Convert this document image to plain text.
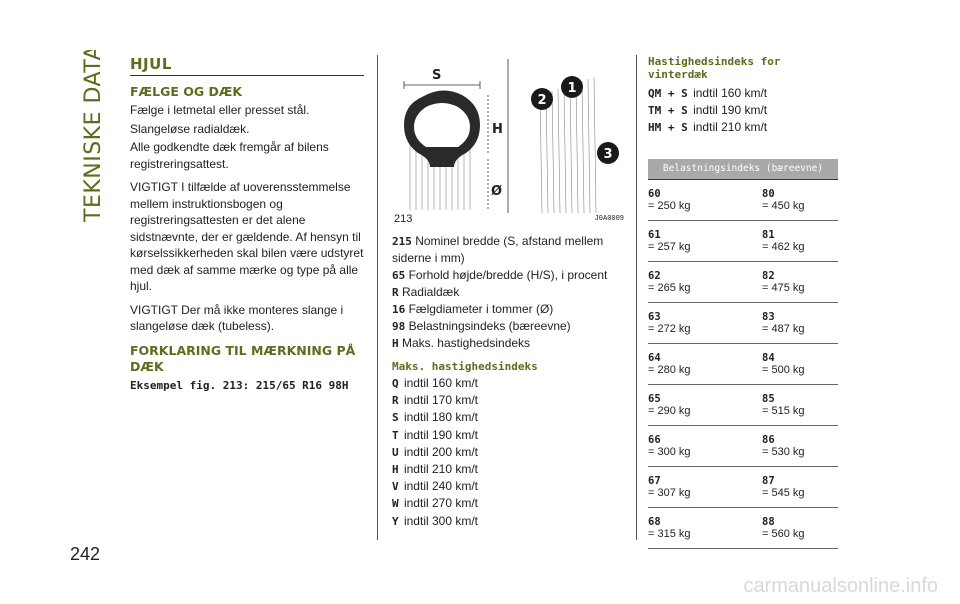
TEKNISKE DATA HJUL
FÆLGE OG DÆK

Fælge i letmetal eller presset stål.

Slangeløse radialdæk.

Alle godkendte dæk fremgår af bilens registreringsattest.

VIGTIGT I tilfælde af uoverensstemmelse mellem instruktionsbogen og registreringsattesten er det alene sidstnævnte, der er gældende. Af hensyn til kørselssikkerheden skal bilen være udstyret med dæk af samme mærke og type på alle hjul.

VIGTIGT Der må ikke monteres slange i slangeløse dæk (tubeless).

FORKLARING TIL MÆRKNING PÅ DÆK
Eksempel fig. 213: 215/65 R16 98H
S
H
Ø
2
1
3
213	J0A0009

215 Nominel bredde (S, afstand mellem siderne i mm)

65 Forhold højde/bredde (H/S), i procent

R Radialdæk

16 Fælgdiameter i tommer (Ø)

98 Belastningsindeks (bæreevne)

H Maks. hastighedsindeks

Maks. hastighedsindeks

Q indtil 160 km/t

R indtil 170 km/t

S indtil 180 km/t

T indtil 190 km/t

U indtil 200 km/t

H indtil 210 km/t

V indtil 240 km/t

W indtil 270 km/t

Y indtil 300 km/t

Hastighedsindeks for vinterdæk

QM + S indtil 160 km/t

TM + S indtil 190 km/t

HM + S indtil 210 km/t

Belastningsindeks (bæreevne)
60
= 250 kg
80
= 450 kg
61
= 257 kg
81
= 462 kg
62
= 265 kg
82
= 475 kg
63
= 272 kg
83
= 487 kg
64
= 280 kg
84
= 500 kg
65
= 290 kg
85
= 515 kg
66
= 300 kg
86
= 530 kg
67
= 307 kg
87
= 545 kg
68
= 315 kg
88
= 560 kg
242
carmanualsonline.info
